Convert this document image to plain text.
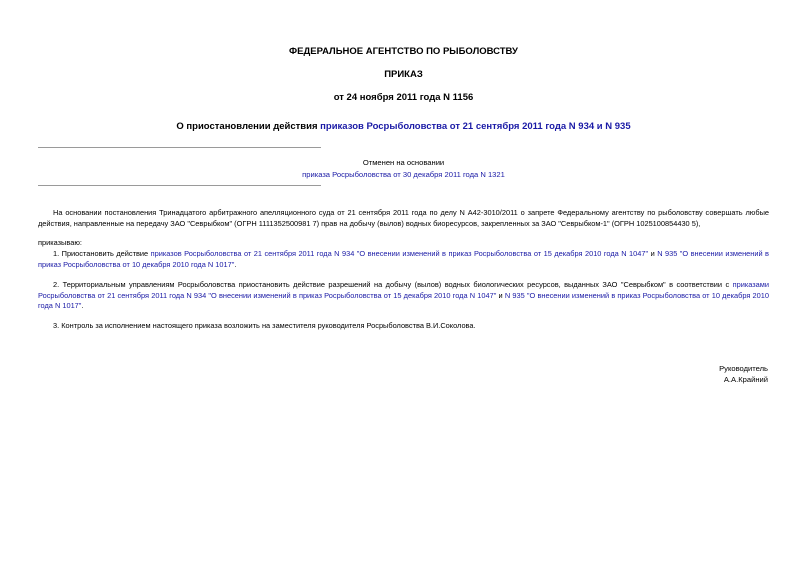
ФЕДЕРАЛЬНОЕ АГЕНТСТВО ПО РЫБОЛОВСТВУ
ПРИКАЗ
от 24 ноября 2011 года N 1156
О приостановлении действия приказов Росрыболовства от 21 сентября 2011 года N 934 и N 935
Отменен на основании
приказа Росрыболовства от 30 декабря 2011 года N 1321
На основании постановления Тринадцатого арбитражного апелляционного суда от 21 сентября 2011 года по делу N А42-3010/2011 о запрете Федеральному агентству по рыболовству совершать любые действия, направленные на передачу ЗАО "Севрыбком" (ОГРН 1111352500981 7) прав на добычу (вылов) водных биоресурсов, закрепленных за ЗАО "Севрыбком-1" (ОГРН 1025100854430 5),
приказываю:
1. Приостановить действие приказов Росрыболовства от 21 сентября 2011 года N 934 "О внесении изменений в приказ Росрыболовства от 15 декабря 2010 года N 1047" и N 935 "О внесении изменений в приказ Росрыболовства от 10 декабря 2010 года N 1017".
2. Территориальным управлениям Росрыболовства приостановить действие разрешений на добычу (вылов) водных биологических ресурсов, выданных ЗАО "Севрыбком" в соответствии с приказами Росрыболовства от 21 сентября 2011 года N 934 "О внесении изменений в приказ Росрыболовства от 15 декабря 2010 года N 1047" и N 935 "О внесении изменений в приказ Росрыболовства от 10 декабря 2010 года N 1017".
3. Контроль за исполнением настоящего приказа возложить на заместителя руководителя Росрыболовства В.И.Соколова.
Руководитель
А.А.Крайний
